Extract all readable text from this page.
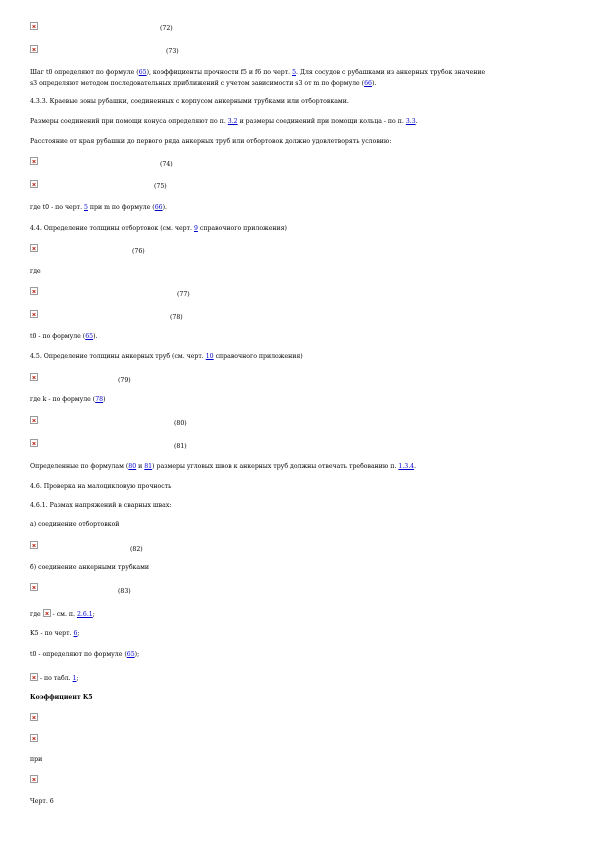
(72)
(73)
Шаг t0 определяют по формуле (65), коэффициенты прочности f5 и f6 по черт. 5. Для сосудов с рубашками из анкерных трубок значение
s3 определяют методом последовательных приближений с учетом зависимости s3 от m по формуле (66).
4.3.3. Краевые зоны рубашки, соединенных с корпусом анкерными трубками или отбортовками.
Размеры соединений при помощи конуса определяют по п. 3.2 и размеры соединений при помощи кольца - по п. 3.3.
Расстояние от края рубашки до первого ряда анкерных труб или отбортовок должно удовлетворять условию:
(74)
(75)
где t0 - по черт. 5 при m по формуле (66).
4.4. Определение толщины отбортовок (см. черт. 9 справочного приложения)
(76)
где
(77)
(78)
t0 - по формуле (65).
4.5. Определение толщины анкерных труб (см. черт. 10 справочного приложения)
(79)
где k - по формуле (78)
(80)
(81)
Определенные по формулам (80 и 81) размеры угловых швов к анкерных труб должны отвечать требованию п. 1.3.4.
4.6. Проверка на малоцикловую прочность
4.6.1. Размах напряжений в сварных швах:
а) соединение отбортовкой
(82)
б) соединение анкерными трубками
(83)
где  - см. п. 2.6.1;
K5 - по черт. 6;
t0 - определяют по формуле (65);
- по табл. 1;
Коэффициент K5
при
Черт. 6
